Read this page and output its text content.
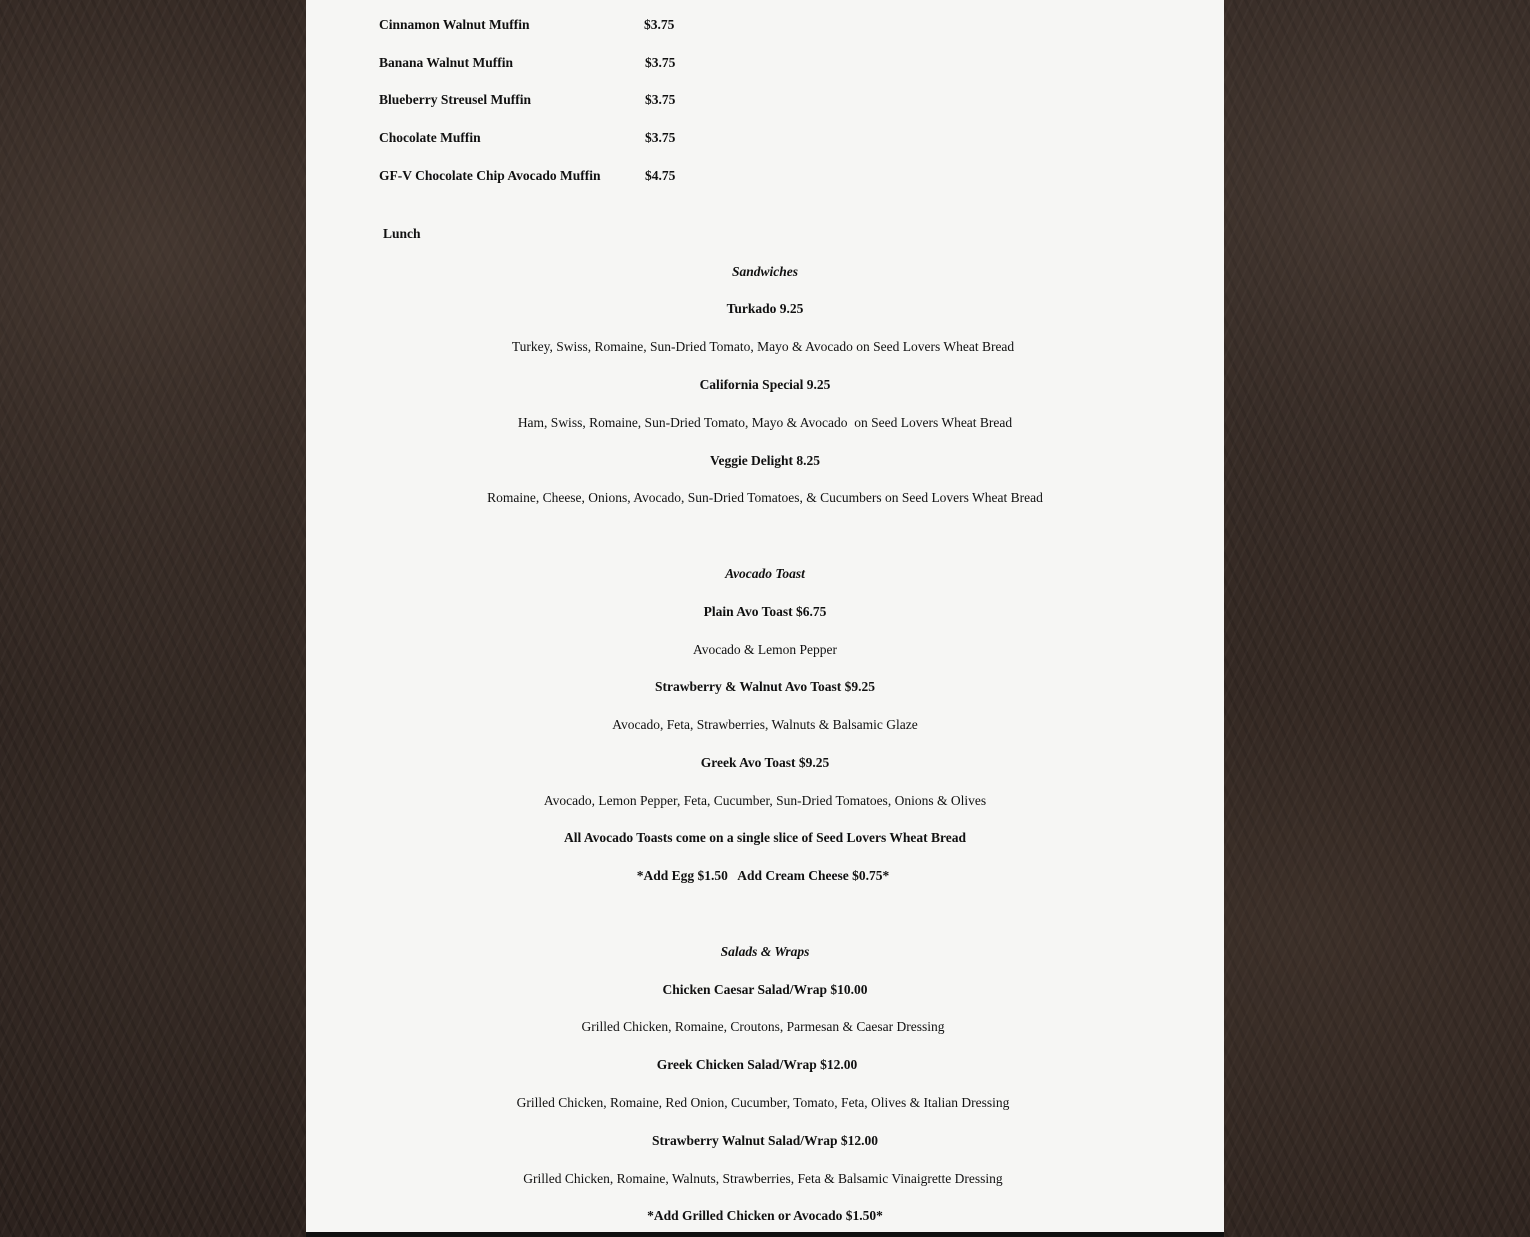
Cinnamon Walnut Muffin	$3.75
Banana Walnut Muffin	$3.75
Blueberry Streusel Muffin	$3.75
Chocolate Muffin	$3.75
GF-V Chocolate Chip Avocado Muffin	$4.75
Lunch
Sandwiches
Turkado 9.25
Turkey, Swiss, Romaine, Sun-Dried Tomato, Mayo & Avocado on Seed Lovers Wheat Bread
California Special 9.25
Ham, Swiss, Romaine, Sun-Dried Tomato, Mayo & Avocado  on Seed Lovers Wheat Bread
Veggie Delight 8.25
Romaine, Cheese, Onions, Avocado, Sun-Dried Tomatoes, & Cucumbers on Seed Lovers Wheat Bread
Avocado Toast
Plain Avo Toast $6.75
Avocado & Lemon Pepper
Strawberry & Walnut Avo Toast $9.25
Avocado, Feta, Strawberries, Walnuts & Balsamic Glaze
Greek Avo Toast $9.25
Avocado, Lemon Pepper, Feta, Cucumber, Sun-Dried Tomatoes, Onions & Olives
All Avocado Toasts come on a single slice of Seed Lovers Wheat Bread
*Add Egg $1.50   Add Cream Cheese $0.75*
Salads & Wraps
Chicken Caesar Salad/Wrap $10.00
Grilled Chicken, Romaine, Croutons, Parmesan & Caesar Dressing
Greek Chicken Salad/Wrap $12.00
Grilled Chicken, Romaine, Red Onion, Cucumber, Tomato, Feta, Olives & Italian Dressing
Strawberry Walnut Salad/Wrap $12.00
Grilled Chicken, Romaine, Walnuts, Strawberries, Feta & Balsamic Vinaigrette Dressing
*Add Grilled Chicken or Avocado $1.50*
